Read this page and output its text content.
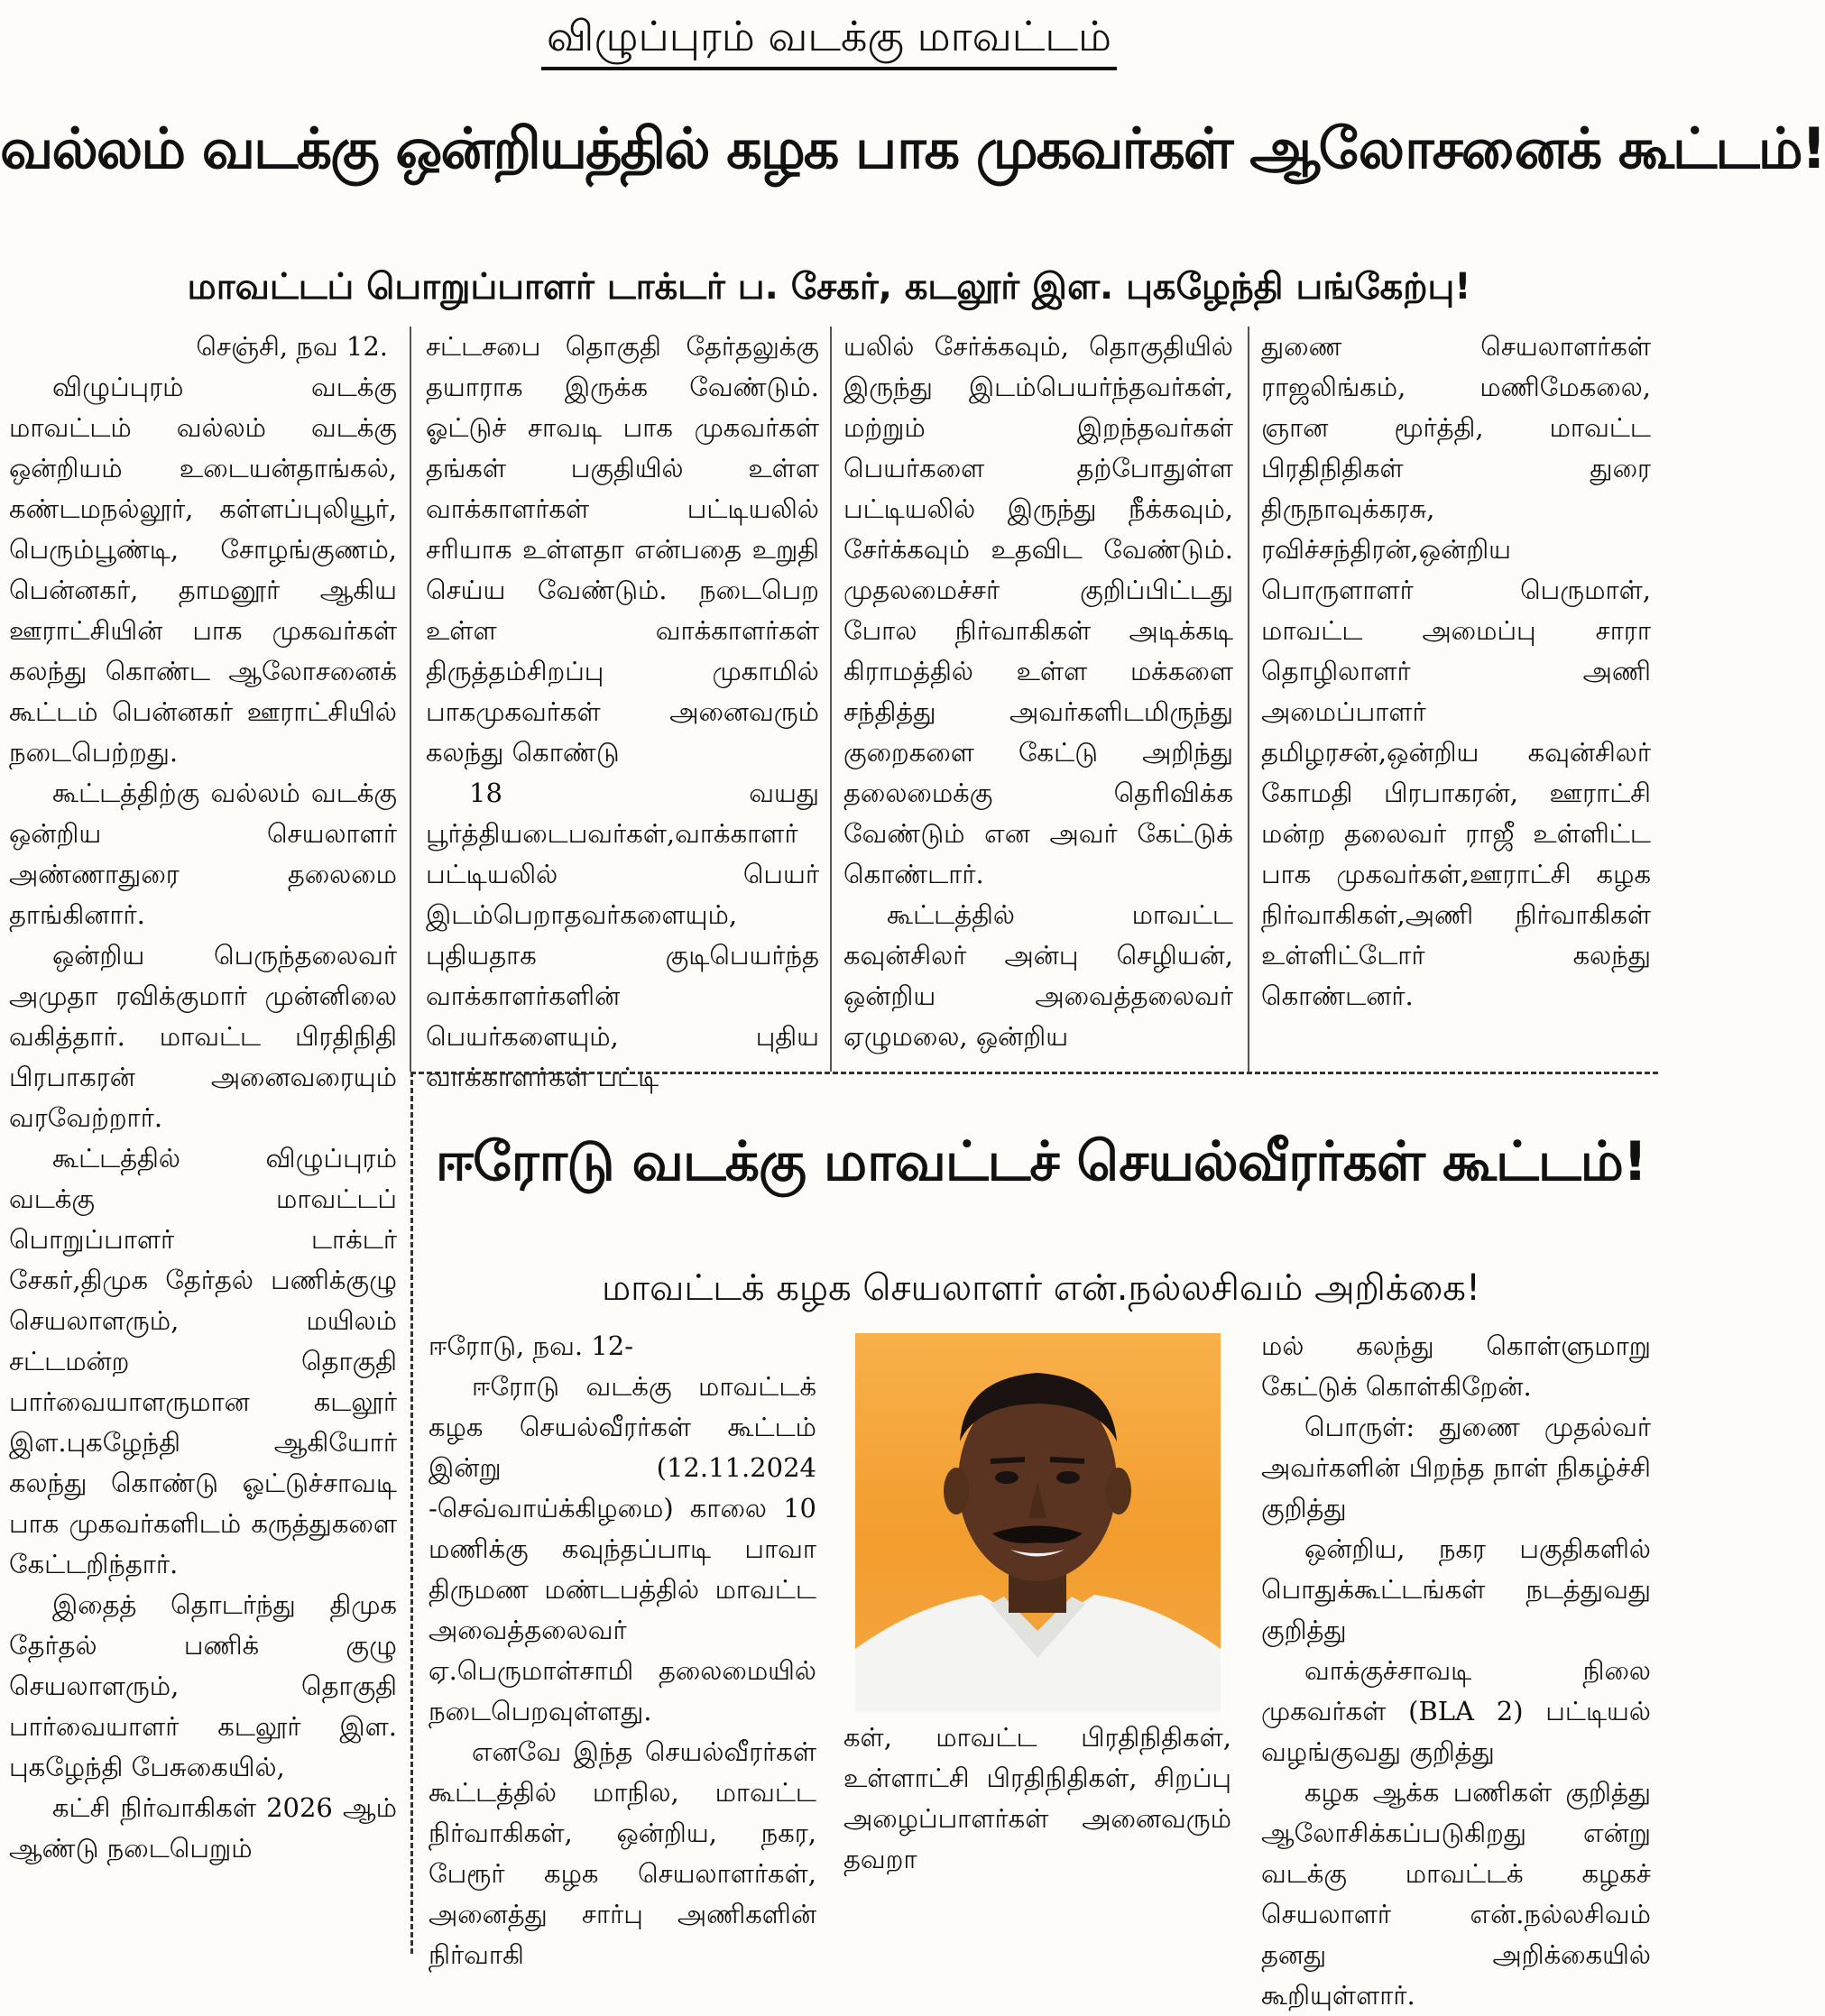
விழுப்புரம் வடக்கு மாவட்டம்
வல்லம் வடக்கு ஒன்றியத்தில் கழக பாக முகவர்கள் ஆலோசனைக் கூட்டம்!
மாவட்டப் பொறுப்பாளர் டாக்டர் ப. சேகர், கடலூர் இள. புகழேந்தி பங்கேற்பு!
செஞ்சி, நவ 12.

விழுப்புரம் வடக்கு மாவட்டம் வல்லம் வடக்கு ஒன்றியம் உடையன்தாங்கல், கண்டமநல்லூர், கள்ளப்புலியூர், பெரும்பூண்டி, சோழங்குணம், பென்னகர், தாமனூர் ஆகிய ஊராட்சியின் பாக முகவர்கள் கலந்து கொண்ட ஆலோசனைக் கூட்டம் பென்னகர் ஊராட்சியில் நடைபெற்றது.

கூட்டத்திற்கு வல்லம் வடக்கு ஒன்றிய செயலாளர் அண்ணாதுரை தலைமை தாங்கினார்.

ஒன்றிய பெருந்தலைவர் அமுதா ரவிக்குமார் முன்னிலை வகித்தார். மாவட்ட பிரதிநிதி பிரபாகரன் அனைவரையும் வரவேற்றார்.

கூட்டத்தில் விழுப்புரம் வடக்கு மாவட்டப் பொறுப்பாளர் டாக்டர் சேகர்,திமுக தேர்தல் பணிக்குழு செயலாளரும், மயிலம் சட்டமன்ற தொகுதி பார்வையாளருமான கடலூர் இள.புகழேந்தி ஆகியோர் கலந்து கொண்டு ஓட்டுச்சாவடி பாக முகவர்களிடம் கருத்துகளை கேட்டறிந்தார்.

இதைத் தொடர்ந்து திமுக தேர்தல் பணிக் குழு செயலாளரும், தொகுதி பார்வையாளர் கடலூர் இள. புகழேந்தி பேசுகையில்,

கட்சி நிர்வாகிகள் 2026 ஆம் ஆண்டு நடைபெறும்

சட்டசபை தொகுதி தேர்தலுக்கு தயாராக இருக்க வேண்டும். ஓட்டுச் சாவடி பாக முகவர்கள் தங்கள் பகுதியில் உள்ள வாக்காளர்கள் பட்டியலில் சரியாக உள்ளதா என்பதை உறுதி செய்ய வேண்டும். நடைபெற உள்ள வாக்காளர்கள் திருத்தம்சிறப்பு முகாமில் பாகமுகவர்கள் அனைவரும் கலந்து கொண்டு

18 வயது பூர்த்தியடைபவர்கள்,வாக்காளர் பட்டியலில் பெயர் இடம்பெறாதவர்களையும், புதியதாக குடிபெயர்ந்த வாக்காளர்களின் பெயர்களையும், புதிய வாக்காளர்கள் பட்டி

யலில் சேர்க்கவும், தொகுதியில் இருந்து இடம்பெயர்ந்தவர்கள், மற்றும் இறந்தவர்கள் பெயர்களை தற்போதுள்ள பட்டியலில் இருந்து நீக்கவும், சேர்க்கவும் உதவிட வேண்டும். முதலமைச்சர் குறிப்பிட்டது போல நிர்வாகிகள் அடிக்கடி கிராமத்தில் உள்ள மக்களை சந்தித்து அவர்களிடமிருந்து குறைகளை கேட்டு அறிந்து தலைமைக்கு தெரிவிக்க வேண்டும் என அவர் கேட்டுக் கொண்டார்.

கூட்டத்தில் மாவட்ட கவுன்சிலர் அன்பு செழியன், ஒன்றிய அவைத்தலைவர் ஏழுமலை, ஒன்றிய

துணை செயலாளர்கள் ராஜலிங்கம், மணிமேகலை, ஞான மூர்த்தி, மாவட்ட பிரதிநிதிகள் துரை திருநாவுக்கரசு, ரவிச்சந்திரன்,ஒன்றிய பொருளாளர் பெருமாள், மாவட்ட அமைப்பு சாரா தொழிலாளர் அணி அமைப்பாளர் தமிழரசன்,ஒன்றிய கவுன்சிலர் கோமதி பிரபாகரன், ஊராட்சி மன்ற தலைவர் ராஜீ உள்ளிட்ட பாக முகவர்கள்,ஊராட்சி கழக நிர்வாகிகள்,அணி நிர்வாகிகள் உள்ளிட்டோர் கலந்து கொண்டனர்.

ஈரோடு வடக்கு மாவட்டச் செயல்வீரர்கள் கூட்டம்!
மாவட்டக் கழக செயலாளர் என்.நல்லசிவம் அறிக்கை!

ஈரோடு, நவ. 12-

ஈரோடு வடக்கு மாவட்டக் கழக செயல்வீரர்கள் கூட்டம் இன்று (12.11.2024 -செவ்வாய்க்கிழமை) காலை 10 மணிக்கு கவுந்தப்பாடி பாவா திருமண மண்டபத்தில் மாவட்ட அவைத்தலைவர் ஏ.பெருமாள்சாமி தலைமையில் நடைபெறவுள்ளது.

எனவே இந்த செயல்வீரர்கள் கூட்டத்தில் மாநில, மாவட்ட நிர்வாகிகள், ஒன்றிய, நகர, பேரூர் கழக செயலாளர்கள், அனைத்து சார்பு அணிகளின் நிர்வாகி

கள், மாவட்ட பிரதிநிதிகள், உள்ளாட்சி பிரதிநிதிகள், சிறப்பு அழைப்பாளர்கள் அனைவரும் தவறா

மல் கலந்து கொள்ளுமாறு கேட்டுக் கொள்கிறேன்.

பொருள்: துணை முதல்வர் அவர்களின் பிறந்த நாள் நிகழ்ச்சி குறித்து

ஒன்றிய, நகர பகுதிகளில் பொதுக்கூட்டங்கள் நடத்துவது குறித்து

வாக்குச்சாவடி நிலை முகவர்கள் (BLA 2) பட்டியல் வழங்குவது குறித்து

கழக ஆக்க பணிகள் குறித்து ஆலோசிக்கப்படுகிறது என்று வடக்கு மாவட்டக் கழகச் செயலாளர் என்.நல்லசிவம் தனது அறிக்கையில் கூறியுள்ளார்.
